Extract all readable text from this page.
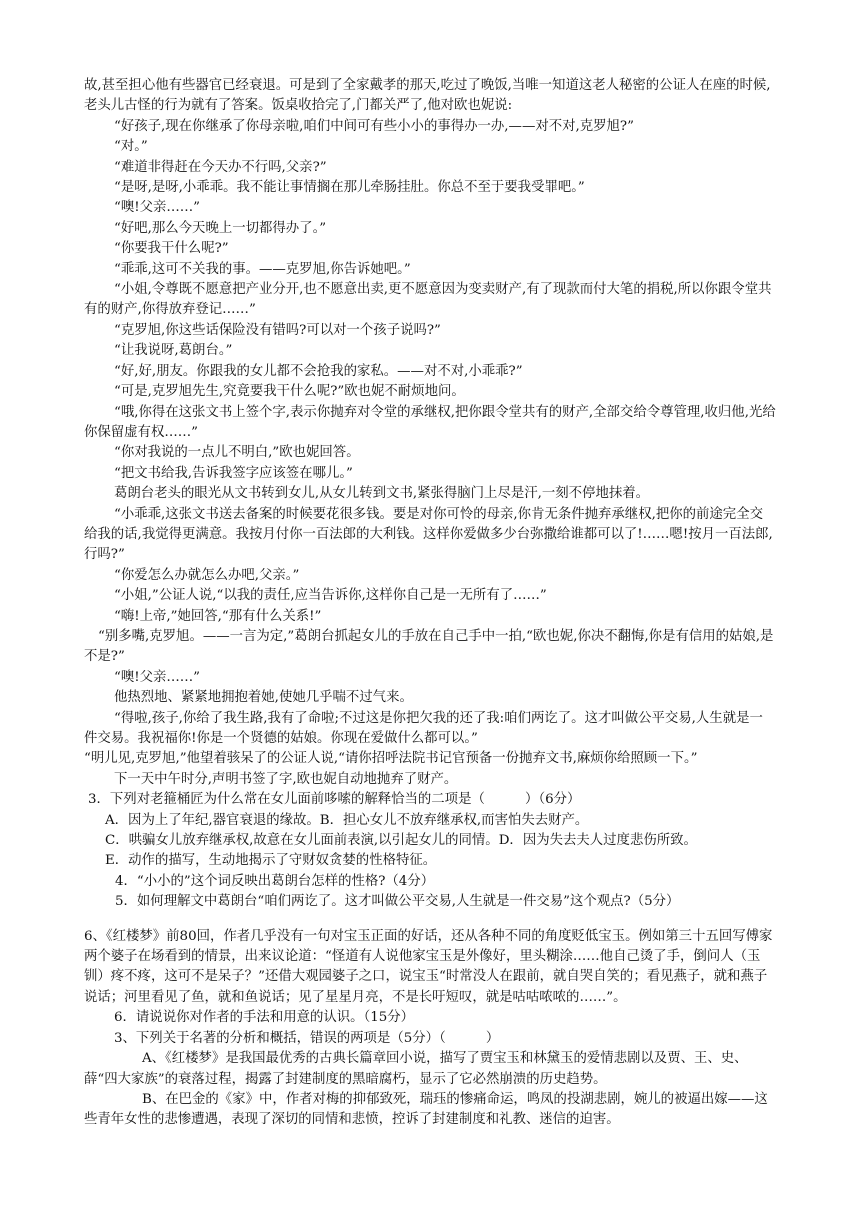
故,甚至担心他有些器官已经衰退。可是到了全家戴孝的那天,吃过了晚饭,当唯一知道这老人秘密的公证人在座的时候,老头儿古怪的行为就有了答案。饭桌收拾完了,门都关严了,他对欧也妮说:

“好孩子,现在你继承了你母亲啦,咱们中间可有些小小的事得办一办,——对不对,克罗旭?”

“对。”

“难道非得赶在今天办不行吗,父亲?”

“是呀,是呀,小乖乖。我不能让事情搁在那儿牵肠挂肚。你总不至于要我受罪吧。”

“噢!父亲……”

“好吧,那么今天晚上一切都得办了。”

“你要我干什么呢?”

“乖乖,这可不关我的事。——克罗旭,你告诉她吧。”

“小姐,令尊既不愿意把产业分开,也不愿意出卖,更不愿意因为变卖财产,有了现款而付大笔的捐税,所以你跟令堂共有的财产,你得放弃登记……”

“克罗旭,你这些话保险没有错吗?可以对一个孩子说吗?”

“让我说呀,葛朗台。”

“好,好,朋友。你跟我的女儿都不会抢我的家私。——对不对,小乖乖?”

“可是,克罗旭先生,究竟要我干什么呢?”欧也妮不耐烦地问。

“哦,你得在这张文书上签个字,表示你抛弃对令堂的承继权,把你跟令堂共有的财产,全部交给令尊管理,收归他,光给你保留虚有权……”

“你对我说的一点儿不明白,”欧也妮回答。

“把文书给我,告诉我签字应该签在哪儿。”

葛朗台老头的眼光从文书转到女儿,从女儿转到文书,紧张得脑门上尽是汗,一刻不停地抹着。

“小乖乖,这张文书送去备案的时候要花很多钱。要是对你可怜的母亲,你肯无条件抛弃承继权,把你的前途完全交给我的话,我觉得更满意。我按月付你一百法郎的大利钱。这样你爱做多少台弥撒给谁都可以了!……嗯!按月一百法郎,行吗?”

“你爱怎么办就怎么办吧,父亲。”

“小姐,”公证人说,“以我的责任,应当告诉你,这样你自己是一无所有了……”

“嗨!上帝,”她回答,“那有什么关系!”

“别多嘴,克罗旭。——一言为定,”葛朗台抓起女儿的手放在自己手中一拍,“欧也妮,你决不翻悔,你是有信用的姑娘,是不是?”

“噢!父亲……”

他热烈地、紧紧地拥抱着她,使她几乎喘不过气来。

“得啦,孩子,你给了我生路,我有了命啦;不过这是你把欠我的还了我:咱们两讫了。这才叫做公平交易,人生就是一件交易。我祝福你!你是一个贤德的姑娘。你现在爱做什么都可以。”

“明儿见,克罗旭,”他望着骇呆了的公证人说,“请你招呼法院书记官预备一份抛弃文书,麻烦你给照顾一下。”

下一天中午时分,声明书签了字,欧也妮自动地抛弃了财产。

3．下列对老箍桶匠为什么常在女儿面前哆嗦的解释恰当的二项是（　　　）（6分）

A．因为上了年纪,器官衰退的缘故。B．担心女儿不放弃继承权,而害怕失去财产。

C．哄骗女儿放弃继承权,故意在女儿面前表演,以引起女儿的同情。D．因为失去夫人过度悲伤所致。

E．动作的描写，生动地揭示了守财奴贪婪的性格特征。

4．“小小的”这个词反映出葛朗台怎样的性格?（4分）

5．如何理解文中葛朗台“咱们两讫了。这才叫做公平交易,人生就是一件交易”这个观点?（5分）

6、《红楼梦》前80回，作者几乎没有一句对宝玉正面的好话，还从各种不同的角度贬低宝玉。例如第三十五回写傅家两个婆子在场看到的情景，出来议论道：“怪道有人说他家宝玉是外像好，里头糊涂……他自己烫了手，倒问人（玉钏）疼不疼，这可不是呆子？”还借大观园婆子之口，说宝玉“时常没人在跟前，就自哭自笑的；看见燕子，就和燕子说话；河里看见了鱼，就和鱼说话；见了星星月亮，不是长吁短叹，就是咕咕哝哝的……”。

6．请说说你对作者的手法和用意的认识。（15分）

3、下列关于名著的分析和概括，错误的两项是（5分）（　　　）

A、《红楼梦》是我国最优秀的古典长篇章回小说，描写了贾宝玉和林黛玉的爱情悲剧以及贾、王、史、薛“四大家族”的衰落过程，揭露了封建制度的黑暗腐朽，显示了它必然崩溃的历史趋势。

B、在巴金的《家》中，作者对梅的抑郁致死，瑞珏的惨痛命运，鸣凤的投湖悲剧，婉儿的被逼出嫁——这些青年女性的悲惨遭遇，表现了深切的同情和悲愤，控诉了封建制度和礼教、迷信的迫害。
